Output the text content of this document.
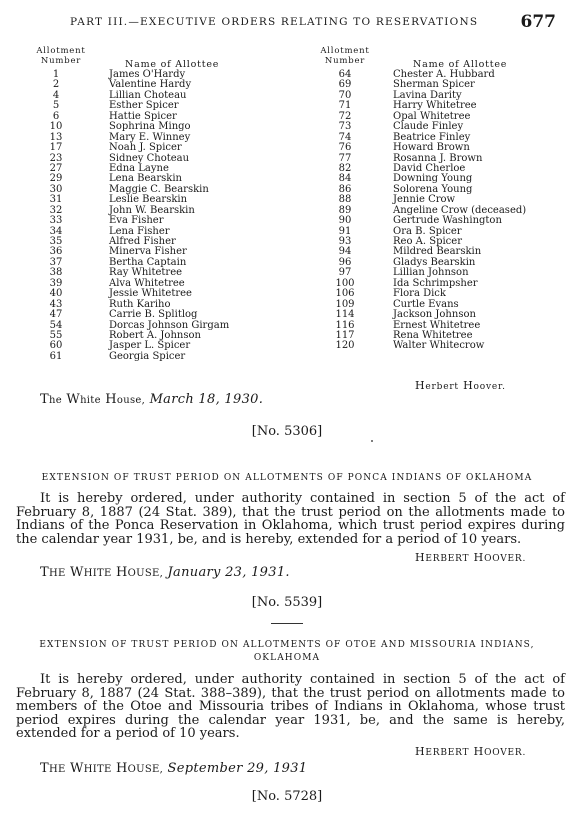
PART III.—EXECUTIVE ORDERS RELATING TO RESERVATIONS 677
Allotment
Number	Name of Allottee
Allotment
Number	Name of Allottee
1	James O'Hardy
2	Valentine Hardy
4	Lillian Choteau
5	Esther Spicer
6	Hattie Spicer
10	Sophrina Mingo
13	Mary E. Winney
17	Noah J. Spicer
23	Sidney Choteau
27	Edna Layne
29	Lena Bearskin
30	Maggie C. Bearskin
31	Leslie Bearskin
32	John W. Bearskin
33	Eva Fisher
34	Lena Fisher
35	Alfred Fisher
36	Minerva Fisher
37	Bertha Captain
38	Ray Whitetree
39	Alva Whitetree
40	Jessie Whitetree
43	Ruth Kariho
47	Carrie B. Splitlog
54	Dorcas Johnson Girgam
55	Robert A. Johnson
60	Jasper L. Spicer
61	Georgia Spicer
64	Chester A. Hubbard
69	Sherman Spicer
70	Lavina Darity
71	Harry Whitetree
72	Opal Whitetree
73	Claude Finley
74	Beatrice Finley
76	Howard Brown
77	Rosanna J. Brown
82	David Cherloe
84	Downing Young
86	Solorena Young
88	Jennie Crow
89	Angeline Crow (deceased)
90	Gertrude Washington
91	Ora B. Spicer
93	Reo A. Spicer
94	Mildred Bearskin
96	Gladys Bearskin
97	Lillian Johnson
100	Ida Schrimpsher
106	Flora Dick
109	Curtle Evans
114	Jackson Johnson
116	Ernest Whitetree
117	Rena Whitetree
120	Walter Whitecrow
Herbert Hoover.
The White House, March 18, 1930.
[No. 5306]
EXTENSION OF TRUST PERIOD ON ALLOTMENTS OF PONCA INDIANS OF OKLAHOMA
It is hereby ordered, under authority contained in section 5 of the act of February 8, 1887 (24 Stat. 389), that the trust period on the allotments made to Indians of the Ponca Reservation in Oklahoma, which trust period expires during the calendar year 1931, be, and is hereby, extended for a period of 10 years.
HERBERT HOOVER.
THE WHITE HOUSE, January 23, 1931.
[No. 5539]
EXTENSION OF TRUST PERIOD ON ALLOTMENTS OF OTOE AND MISSOURIA INDIANS,
OKLAHOMA
It is hereby ordered, under authority contained in section 5 of the act of February 8, 1887 (24 Stat. 388–389), that the trust period on allotments made to members of the Otoe and Missouria tribes of Indians in Oklahoma, whose trust period expires during the calendar year 1931, be, and the same is hereby, extended for a period of 10 years.
HERBERT HOOVER.
THE WHITE HOUSE, September 29, 1931
[No. 5728]
